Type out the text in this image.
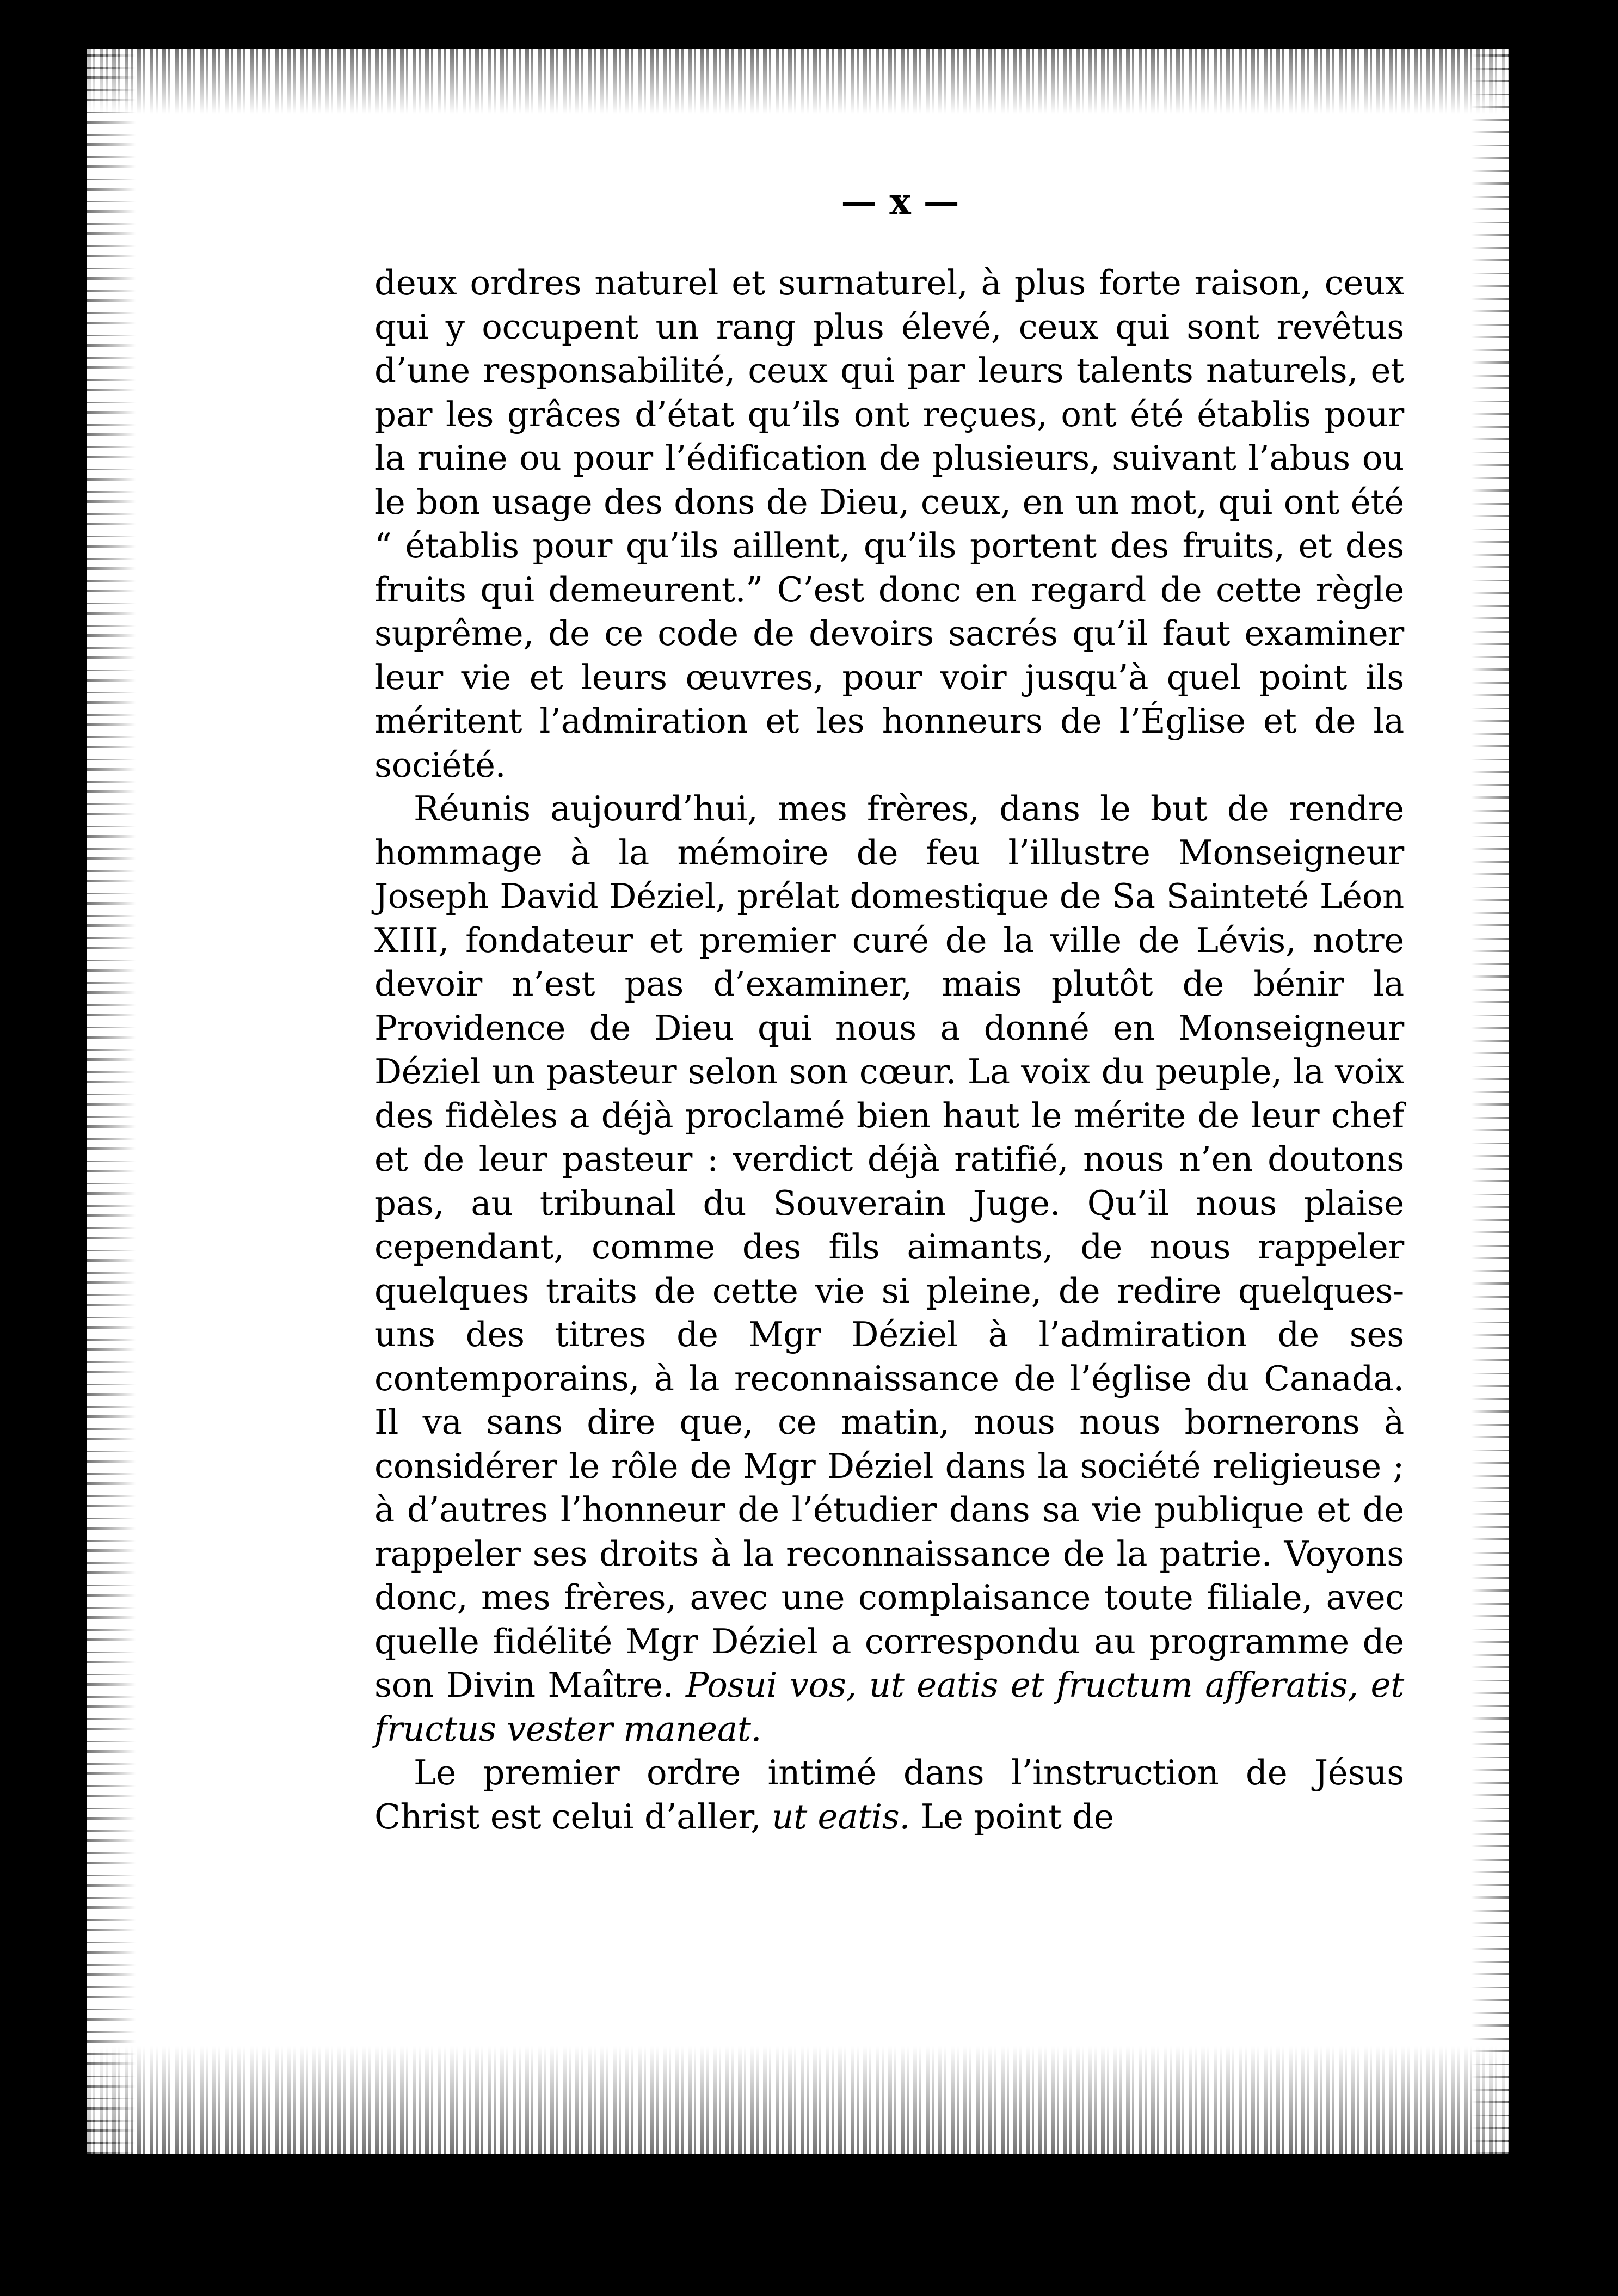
— x —

deux ordres naturel et surnaturel, à plus forte raison, ceux qui y occupent un rang plus élevé, ceux qui sont revêtus d’une responsabilité, ceux qui par leurs talents naturels, et par les grâces d’état qu’ils ont reçues, ont été établis pour la ruine ou pour l’édification de plusieurs, suivant l’abus ou le bon usage des dons de Dieu, ceux, en un mot, qui ont été “ établis pour qu’ils aillent, qu’ils portent des fruits, et des fruits qui demeurent.” C’est donc en regard de cette règle suprême, de ce code de devoirs sacrés qu’il faut examiner leur vie et leurs œuvres, pour voir jusqu’à quel point ils méritent l’admiration et les honneurs de l’Église et de la société.

Réunis aujourd’hui, mes frères, dans le but de rendre hommage à la mémoire de feu l’illustre Monseigneur Joseph David Déziel, prélat domestique de Sa Sainteté Léon XIII, fondateur et premier curé de la ville de Lévis, notre devoir n’est pas d’examiner, mais plutôt de bénir la Providence de Dieu qui nous a donné en Monseigneur Déziel un pasteur selon son cœur. La voix du peuple, la voix des fidèles a déjà proclamé bien haut le mérite de leur chef et de leur pasteur : verdict déjà ratifié, nous n’en doutons pas, au tribunal du Souverain Juge. Qu’il nous plaise cependant, comme des fils aimants, de nous rappeler quelques traits de cette vie si pleine, de redire quelques-uns des titres de Mgr Déziel à l’admiration de ses contemporains, à la reconnaissance de l’église du Canada. Il va sans dire que, ce matin, nous nous bornerons à considérer le rôle de Mgr Déziel dans la société religieuse ; à d’autres l’honneur de l’étudier dans sa vie publique et de rappeler ses droits à la reconnaissance de la patrie. Voyons donc, mes frères, avec une complaisance toute filiale, avec quelle fidélité Mgr Déziel a correspondu au programme de son Divin Maître. Posui vos, ut eatis et fructum afferatis, et fructus vester maneat.

Le premier ordre intimé dans l’instruction de Jésus Christ est celui d’aller, ut eatis. Le point de
